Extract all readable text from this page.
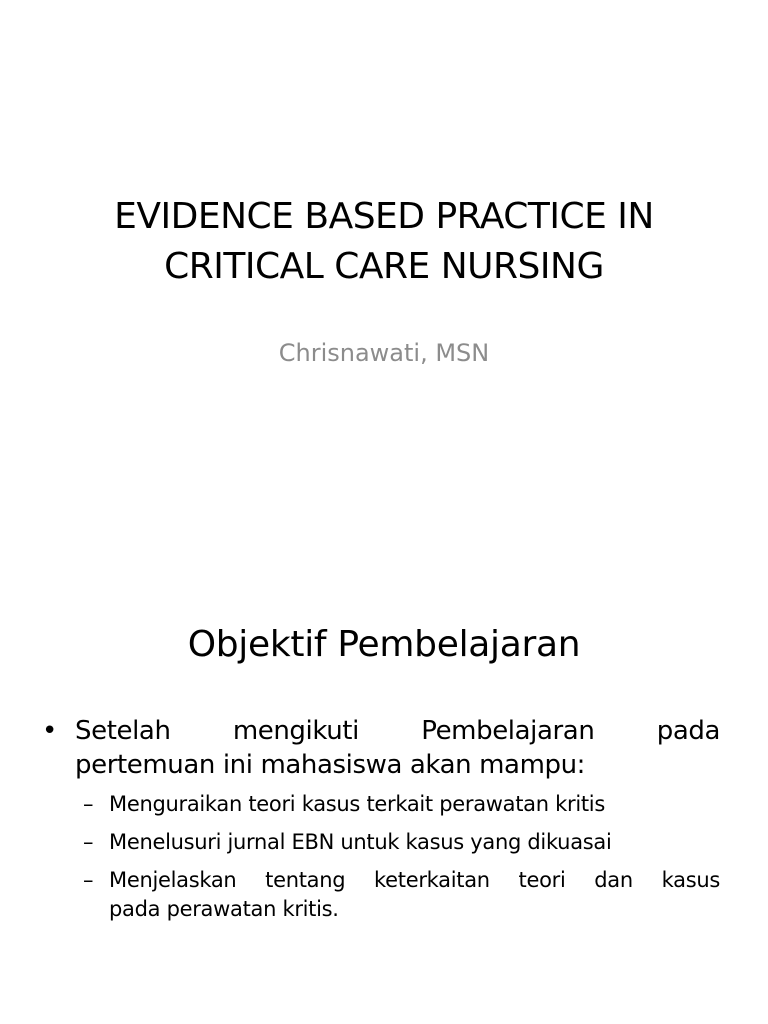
EVIDENCE BASED PRACTICE IN
CRITICAL CARE NURSING
Chrisnawati, MSN
Objektif Pembelajaran
• Setelah mengikuti Pembelajaran pada
pertemuan ini mahasiswa akan mampu:
– Menguraikan teori kasus terkait perawatan kritis
– Menelusuri jurnal EBN untuk kasus yang dikuasai
– Menjelaskan tentang keterkaitan teori dan kasus
pada perawatan kritis.
